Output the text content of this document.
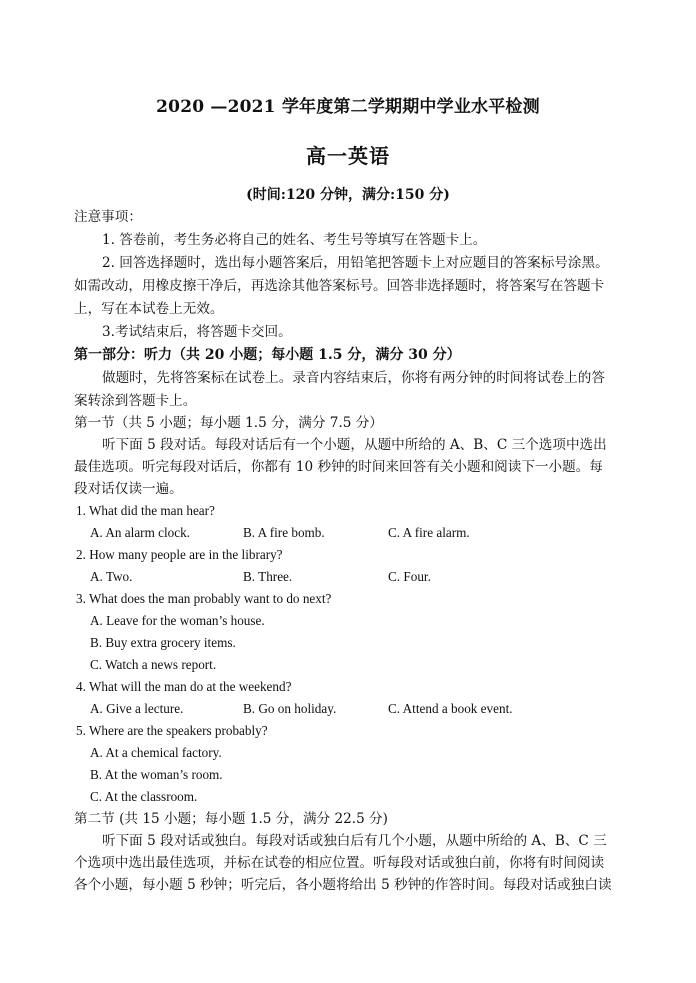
2020 —2021 学年度第二学期期中学业水平检测
高一英语
(时间:120 分钟，满分:150 分)
注意事项：
1. 答卷前，考生务必将自己的姓名、考生号等填写在答题卡上。
2. 回答选择题时，选出每小题答案后，用铅笔把答题卡上对应题目的答案标号涂黑。
如需改动，用橡皮擦干净后，再选涂其他答案标号。回答非选择题时，将答案写在答题卡
上，写在本试卷上无效。
3.考试结束后，将答题卡交回。
第一部分：听力（共 20 小题；每小题 1.5 分，满分 30 分）
做题时，先将答案标在试卷上。录音内容结束后，你将有两分钟的时间将试卷上的答
案转涂到答题卡上。
第一节（共 5 小题；每小题 1.5 分，满分 7.5 分）
听下面 5 段对话。每段对话后有一个小题，从题中所给的 A、B、C 三个选项中选出
最佳选项。听完每段对话后，你都有 10 秒钟的时间来回答有关小题和阅读下一小题。每
段对话仅读一遍。
1. What did the man hear?
A. An alarm clock.	B. A fire bomb.	C. A fire alarm.
2. How many people are in the library?
A. Two.	B. Three.	C. Four.
3. What does the man probably want to do next?
A. Leave for the woman’s house.
B. Buy extra grocery items.
C. Watch a news report.
4. What will the man do at the weekend?
A. Give a lecture.	B. Go on holiday.	C. Attend a book event.
5. Where are the speakers probably?
A. At a chemical factory.
B. At the woman’s room.
C. At the classroom.
第二节 (共 15 小题；每小题 1.5 分，满分 22.5 分)
听下面 5 段对话或独白。每段对话或独白后有几个小题，从题中所给的 A、B、C 三
个选项中选出最佳选项，并标在试卷的相应位置。听每段对话或独白前，你将有时间阅读
各个小题，每小题 5 秒钟；听完后，各小题将给出 5 秒钟的作答时间。每段对话或独白读
